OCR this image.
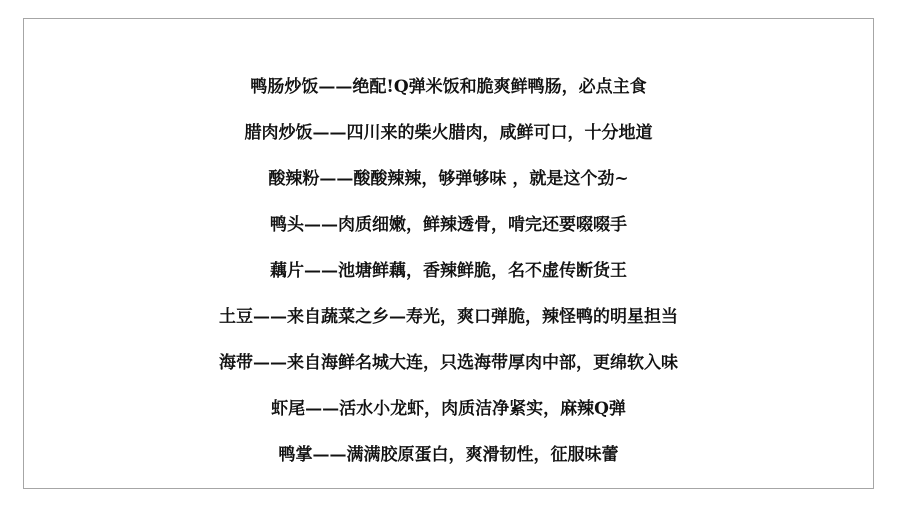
鸭肠炒饭——绝配!Q弹米饭和脆爽鲜鸭肠，必点主食
腊肉炒饭——四川来的柴火腊肉，咸鲜可口，十分地道
酸辣粉——酸酸辣辣，够弹够味 ，就是这个劲~
鸭头——肉质细嫩，鲜辣透骨，啃完还要啜啜手
藕片——池塘鲜藕，香辣鲜脆，名不虚传断货王
土豆——来自蔬菜之乡—寿光，爽口弹脆，辣怪鸭的明星担当
海带——来自海鲜名城大连，只选海带厚肉中部，更绵软入味
虾尾——活水小龙虾，肉质洁净紧实，麻辣Q弹
鸭掌——满满胶原蛋白，爽滑韧性，征服味蕾
